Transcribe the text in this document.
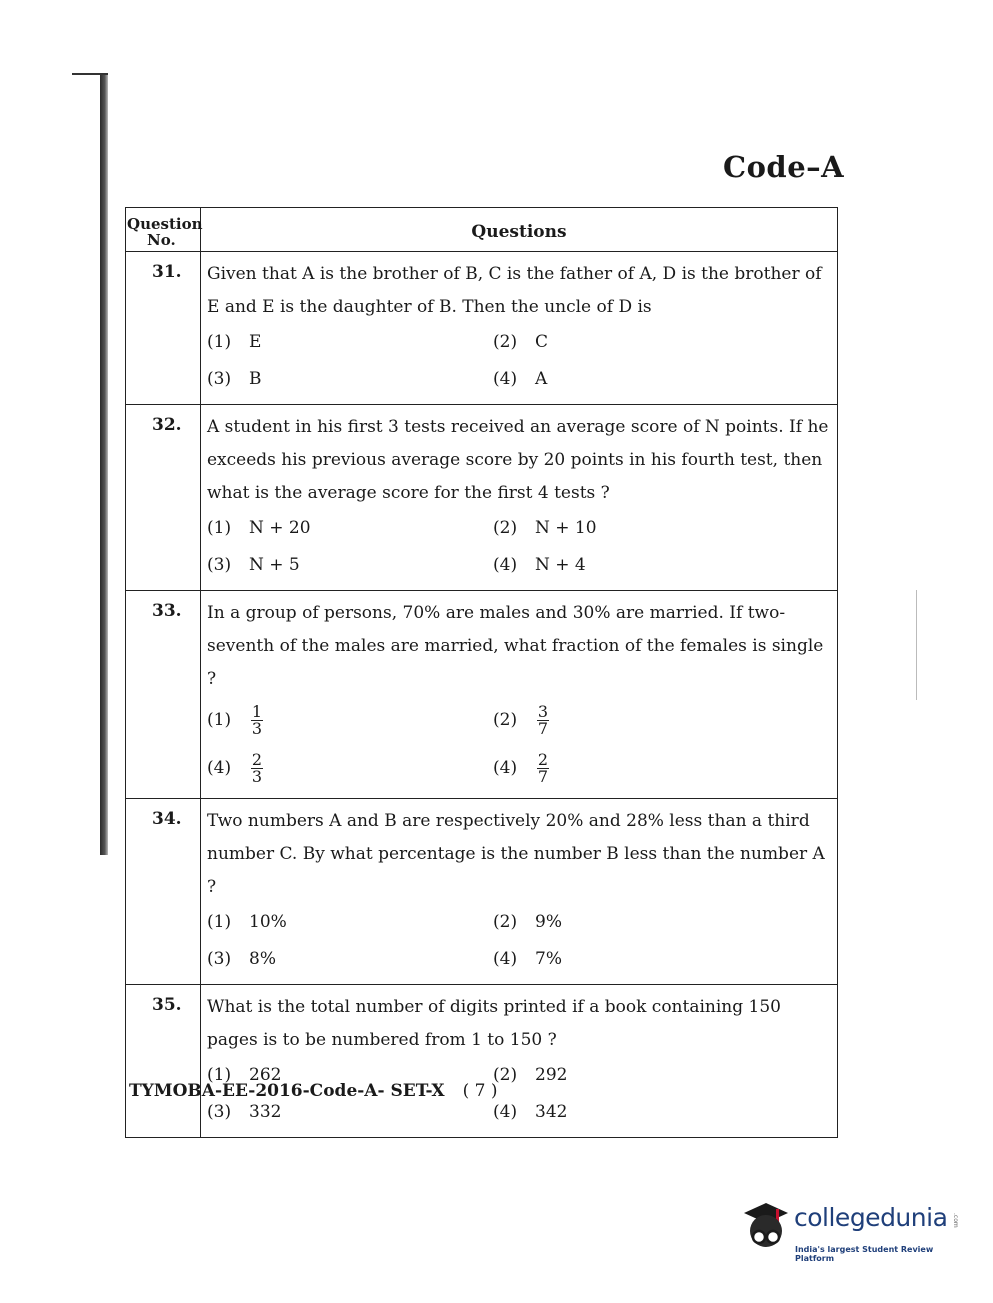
Code–A
Question
No.	Questions
31.	Given that A is the brother of B, C is the father of A, D is the brother of E and E is the daughter of B. Then the uncle of D is
(1) E	(2) C
(3) B	(4) A
32.	A student in his first 3 tests received an average score of N points. If he exceeds his previous average score by 20 points in his fourth test, then what is the average score for the first 4 tests ?
(1) N + 20	(2) N + 10
(3) N + 5	(4) N + 4
33.	In a group of persons, 70% are males and 30% are married. If two-seventh of the males are married, what fraction of the females is single ?
$(1) \frac{1}{3}$	$(2) \frac{3}{7}$
$(4) \frac{2}{3}$	$(4) \frac{2}{7}$
34.	Two numbers A and B are respectively 20% and 28% less than a third number C. By what percentage is the number B less than the number A ?
(1) 10%	(2) 9%
(3) 8%	(4) 7%
35.	What is the total number of digits printed if a book containing 150 pages is to be numbered from 1 to 150 ?
(1) 262	(2) 292
(3) 332	(4) 342
TYMOBA-EE-2016-Code-A- SET-X ( 7 )
collegedunia .com
India's largest Student Review Platform
